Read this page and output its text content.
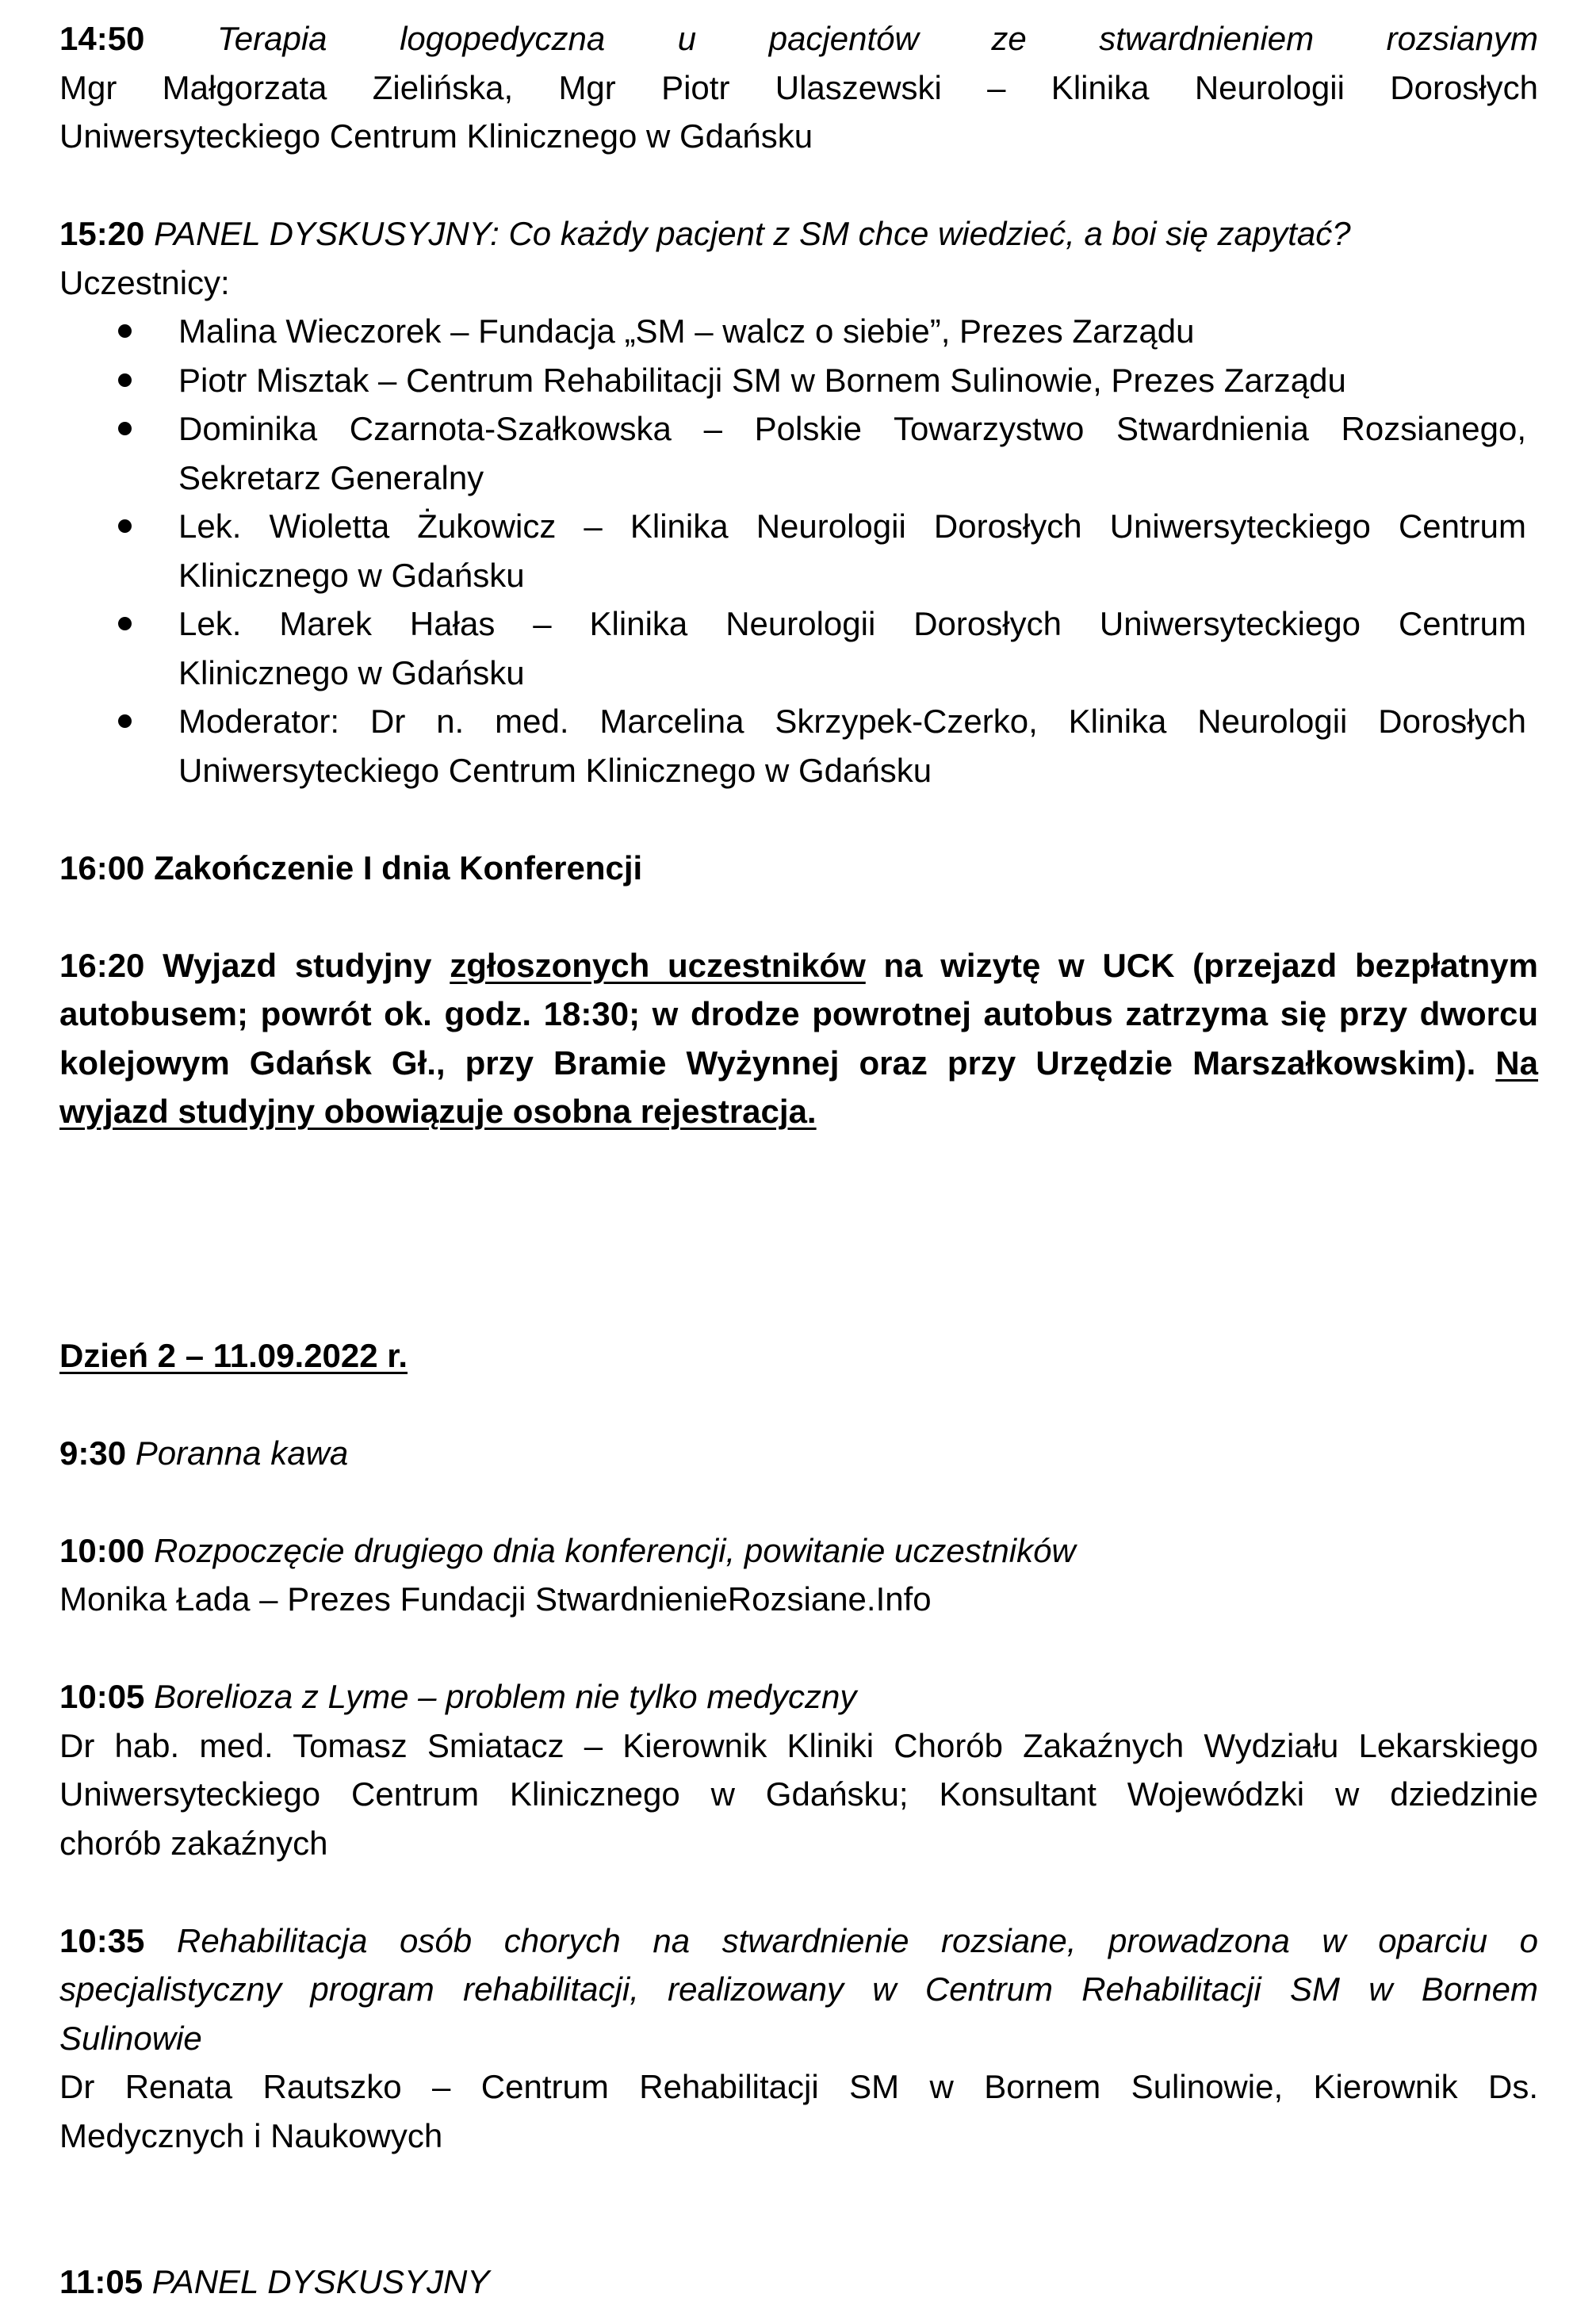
14:50 Terapia logopedyczna u pacjentów ze stwardnieniem rozsianym
Mgr Małgorzata Zielińska, Mgr Piotr Ulaszewski – Klinika Neurologii Dorosłych
Uniwersyteckiego Centrum Klinicznego w Gdańsku
15:20 PANEL DYSKUSYJNY: Co każdy pacjent z SM chce wiedzieć, a boi się zapytać?
Uczestnicy:
Malina Wieczorek – Fundacja „SM – walcz o siebie”, Prezes Zarządu
Piotr Misztak – Centrum Rehabilitacji SM w Bornem Sulinowie, Prezes Zarządu
Dominika Czarnota-Szałkowska – Polskie Towarzystwo Stwardnienia Rozsianego,
Sekretarz Generalny
Lek. Wioletta Żukowicz – Klinika Neurologii Dorosłych Uniwersyteckiego Centrum
Klinicznego w Gdańsku
Lek. Marek Hałas – Klinika Neurologii Dorosłych Uniwersyteckiego Centrum
Klinicznego w Gdańsku
Moderator: Dr n. med. Marcelina Skrzypek-Czerko, Klinika Neurologii Dorosłych
Uniwersyteckiego Centrum Klinicznego w Gdańsku
16:00 Zakończenie I dnia Konferencji
16:20 Wyjazd studyjny zgłoszonych uczestników na wizytę w UCK (przejazd bezpłatnym
autobusem; powrót ok. godz. 18:30; w drodze powrotnej autobus zatrzyma się przy dworcu
kolejowym Gdańsk Gł., przy Bramie Wyżynnej oraz przy Urzędzie Marszałkowskim). Na
wyjazd studyjny obowiązuje osobna rejestracja.
Dzień 2 – 11.09.2022 r.
9:30 Poranna kawa
10:00 Rozpoczęcie drugiego dnia konferencji, powitanie uczestników
Monika Łada – Prezes Fundacji StwardnienieRozsiane.Info
10:05 Borelioza z Lyme – problem nie tylko medyczny
Dr hab. med. Tomasz Smiatacz – Kierownik Kliniki Chorób Zakaźnych Wydziału Lekarskiego
Uniwersyteckiego Centrum Klinicznego w Gdańsku; Konsultant Wojewódzki w dziedzinie
chorób zakaźnych
10:35 Rehabilitacja osób chorych na stwardnienie rozsiane, prowadzona w oparciu o
specjalistyczny program rehabilitacji, realizowany w Centrum Rehabilitacji SM w Bornem
Sulinowie
Dr Renata Rautszko – Centrum Rehabilitacji SM w Bornem Sulinowie, Kierownik Ds.
Medycznych i Naukowych
11:05 PANEL DYSKUSYJNY
